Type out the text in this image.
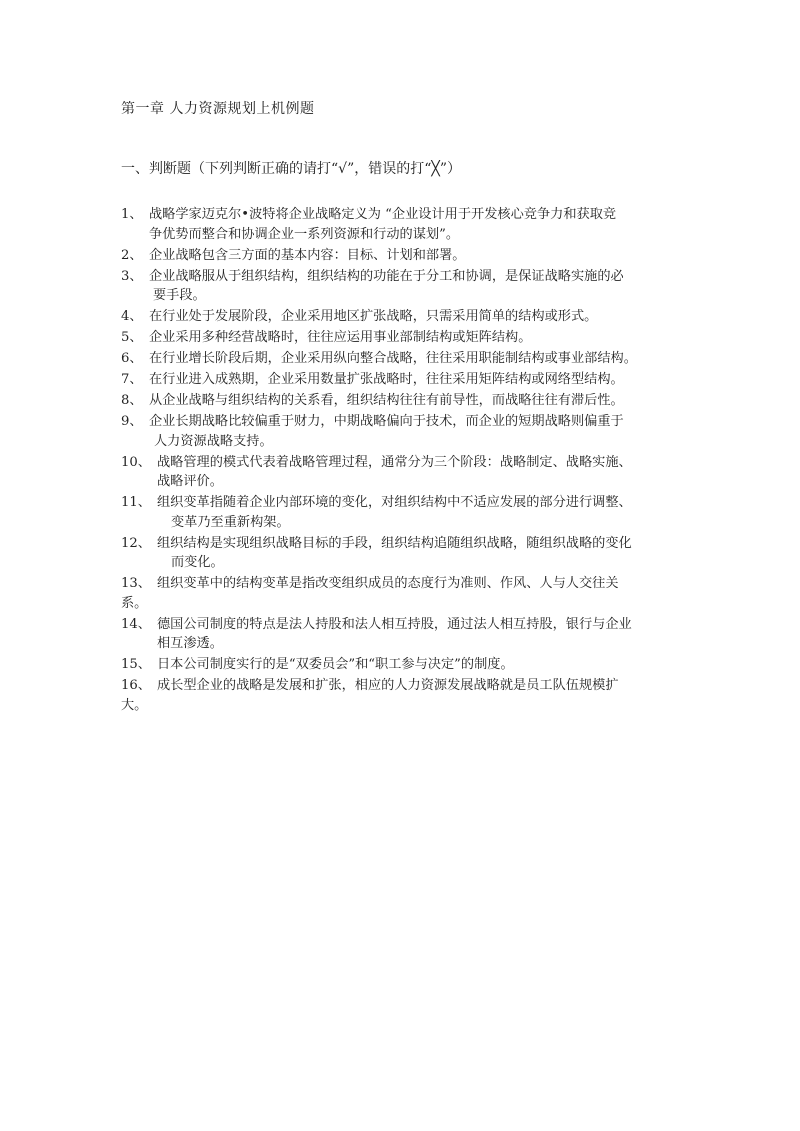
第一章 人力资源规划上机例题
一、判断题（下列判断正确的请打“√”，错误的打“╳”）
1、 战略学家迈克尔•波特将企业战略定义为 “企业设计用于开发核心竞争力和获取竞
争优势而整合和协调企业一系列资源和行动的谋划”。
2、 企业战略包含三方面的基本内容：目标、计划和部署。
3、 企业战略服从于组织结构，组织结构的功能在于分工和协调，是保证战略实施的必
要手段。
4、 在行业处于发展阶段，企业采用地区扩张战略，只需采用简单的结构或形式。
5、 企业采用多种经营战略时，往往应运用事业部制结构或矩阵结构。
6、 在行业增长阶段后期，企业采用纵向整合战略，往往采用职能制结构或事业部结构。
7、 在行业进入成熟期，企业采用数量扩张战略时，往往采用矩阵结构或网络型结构。
8、 从企业战略与组织结构的关系看，组织结构往往有前导性，而战略往往有滞后性。
9、 企业长期战略比较偏重于财力，中期战略偏向于技术，而企业的短期战略则偏重于
人力资源战略支持。
10、 战略管理的模式代表着战略管理过程，通常分为三个阶段：战略制定、战略实施、
战略评价。
11、 组织变革指随着企业内部环境的变化，对组织结构中不适应发展的部分进行调整、
变革乃至重新构架。
12、 组织结构是实现组织战略目标的手段，组织结构追随组织战略，随组织战略的变化
而变化。
13、 组织变革中的结构变革是指改变组织成员的态度行为准则、作风、人与人交往关
系。
14、 德国公司制度的特点是法人持股和法人相互持股，通过法人相互持股，银行与企业
相互渗透。
15、 日本公司制度实行的是“双委员会”和“职工参与决定”的制度。
16、 成长型企业的战略是发展和扩张，相应的人力资源发展战略就是员工队伍规模扩
大。
